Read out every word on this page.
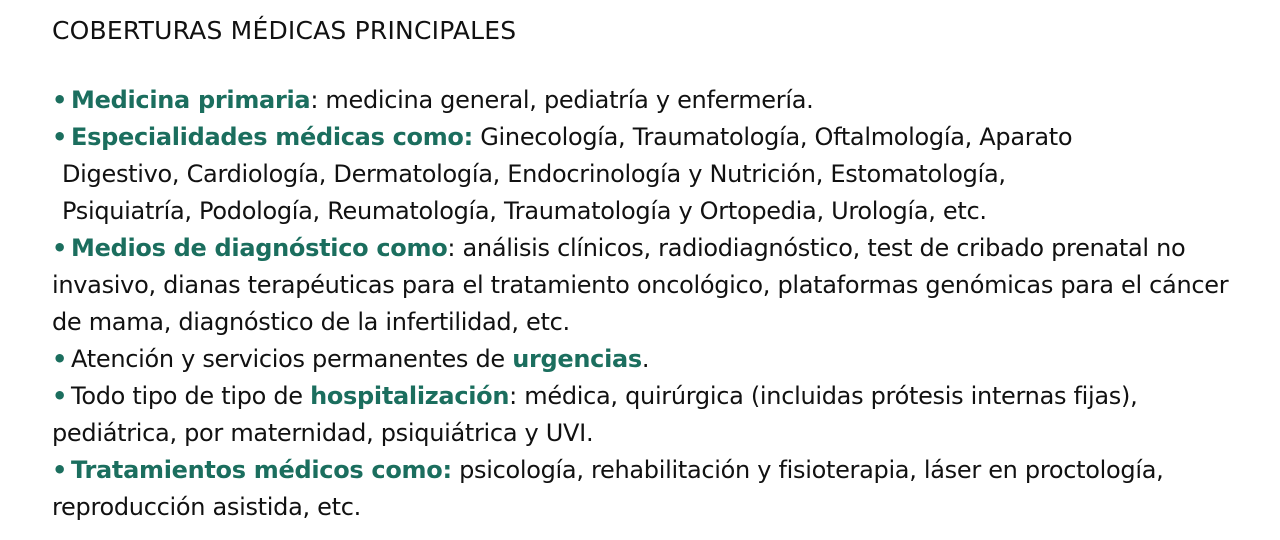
COBERTURAS MÉDICAS PRINCIPALES
• Medicina primaria: medicina general, pediatría y enfermería.
• Especialidades médicas como: Ginecología, Traumatología, Oftalmología, Aparato
Digestivo, Cardiología, Dermatología, Endocrinología y Nutrición, Estomatología,
Psiquiatría, Podología, Reumatología, Traumatología y Ortopedia, Urología, etc.
• Medios de diagnóstico como: análisis clínicos, radiodiagnóstico, test de cribado prenatal no invasivo, dianas terapéuticas para el tratamiento oncológico, plataformas genómicas para el cáncer de mama, diagnóstico de la infertilidad, etc.
• Atención y servicios permanentes de urgencias.
• Todo tipo de tipo de hospitalización: médica, quirúrgica (incluidas prótesis internas fijas), pediátrica, por maternidad, psiquiátrica y UVI.
• Tratamientos médicos como: psicología, rehabilitación y fisioterapia, láser en proctología, reproducción asistida, etc.
